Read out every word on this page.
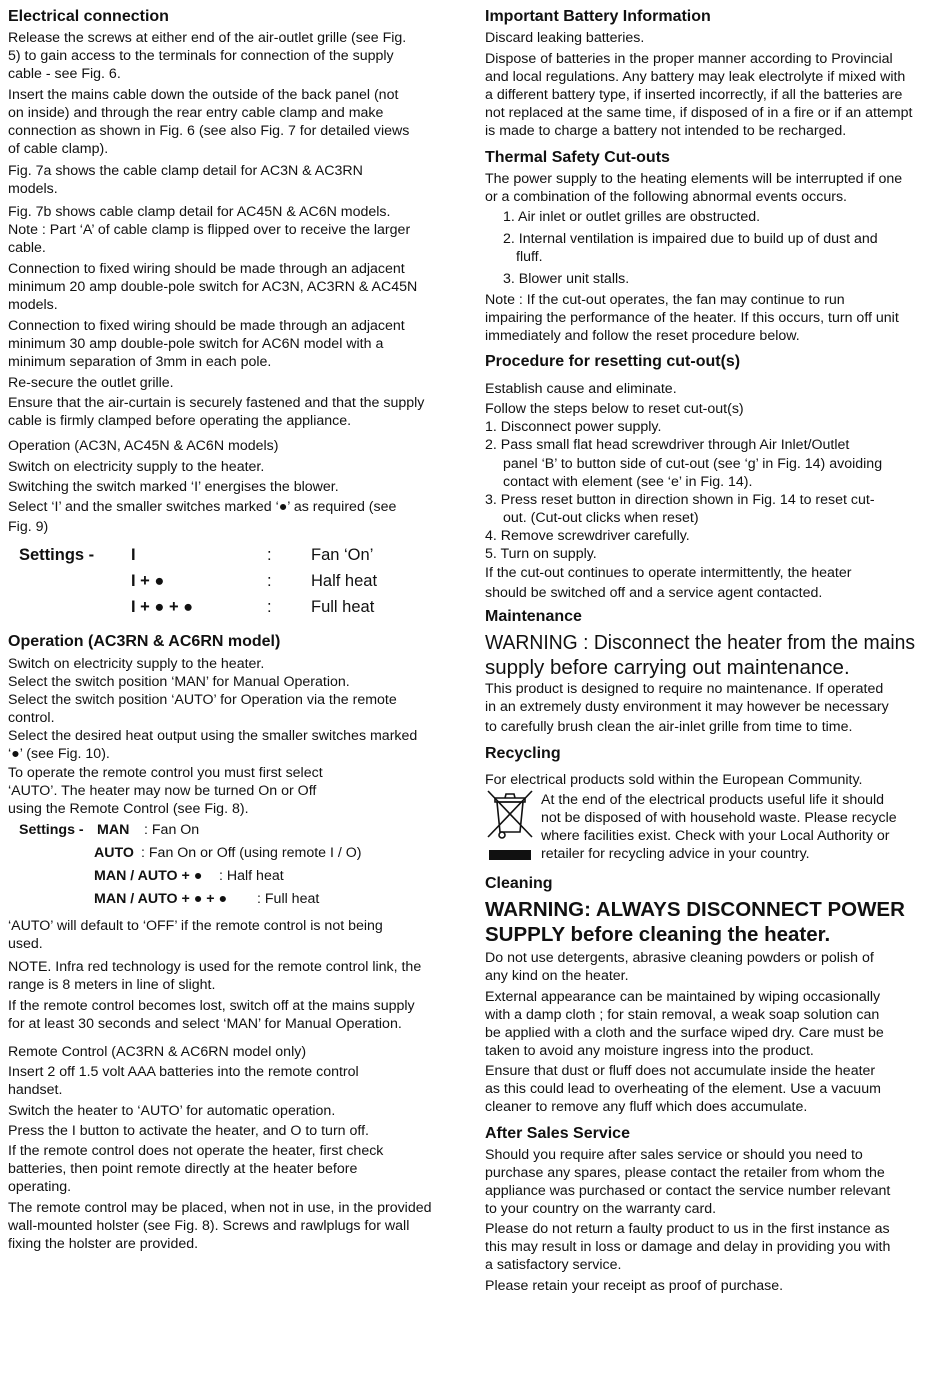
Electrical connection
Release the screws at either end of the air-outlet grille (see Fig.
5) to gain access to the terminals for connection of the supply
cable - see Fig. 6.
Insert the mains cable down the outside of the back panel (not
on inside) and through the rear entry cable clamp and make
connection as shown in Fig. 6 (see also Fig. 7 for detailed views
of cable clamp).
Fig. 7a shows the cable clamp detail for AC3N & AC3RN
models.
Fig. 7b shows cable clamp detail for AC45N & AC6N models.
Note : Part ‘A’ of cable clamp is flipped over to receive the larger
cable.
Connection to fixed wiring should be made through an adjacent
minimum 20 amp double-pole switch for AC3N, AC3RN & AC45N
models.
Connection to fixed wiring should be made through an adjacent
minimum 30 amp double-pole switch for AC6N model with a
minimum separation of 3mm in each pole.
Re-secure the outlet grille.
Ensure that the air-curtain is securely fastened and that the supply
cable is firmly clamped before operating the appliance.
Operation (AC3N, AC45N & AC6N models)
Switch on electricity supply to the heater.
Switching the switch marked ‘I’ energises the blower.
Select ‘I’ and the smaller switches marked ‘●’ as required (see
Fig. 9)
Operation (AC3RN & AC6RN model)
Switch on electricity supply to the heater.
Select the switch position ‘MAN’ for Manual Operation.
Select the switch position ‘AUTO’ for Operation via the remote
control.
Select the desired heat output using the smaller switches marked
‘●’ (see Fig. 10).
To operate the remote control you must first select
‘AUTO’. The heater may now be turned On or Off
using the Remote Control (see Fig. 8).
‘AUTO’ will default to ‘OFF’ if the remote control is not being
used.
NOTE. Infra red technology is used for the remote control link, the
range is 8 meters in line of slight.
If the remote control becomes lost, switch off at the mains supply
for at least 30 seconds and select ‘MAN’ for Manual Operation.
Remote Control (AC3RN & AC6RN model only)
Insert 2 off 1.5 volt AAA batteries into the remote control
handset.
Switch the heater to ‘AUTO’ for automatic operation.
Press the I button to activate the heater, and O to turn off.
If the remote control does not operate the heater, first check
batteries, then point remote directly at the heater before
operating.
The remote control may be placed, when not in use, in the provided
wall-mounted holster (see Fig. 8). Screws and rawlplugs for wall
fixing the holster are provided.
Important Battery Information
Discard leaking batteries.
Dispose of batteries in the proper manner according to Provincial
and local regulations. Any battery may leak electrolyte if mixed with
a different battery type, if inserted incorrectly, if all the batteries are
not replaced at the same time, if disposed of in a fire or if an attempt
is made to charge a battery not intended to be recharged.
Thermal Safety Cut-outs
The power supply to the heating elements will be interrupted if one
or a combination of the following abnormal events occurs.
1. Air inlet or outlet grilles are obstructed.
2. Internal ventilation is impaired due to build up of dust and
fluff.
3. Blower unit stalls.
Note : If the cut-out operates, the fan may continue to run
impairing the performance of the heater. If this occurs, turn off unit
immediately and follow the reset procedure below.
Procedure for resetting cut-out(s)
Establish cause and eliminate.
Follow the steps below to reset cut-out(s)
1. Disconnect power supply.
2. Pass small flat head screwdriver through Air Inlet/Outlet
panel ‘B’ to button side of cut-out (see ‘g’ in Fig. 14) avoiding
contact with element (see ‘e’ in Fig. 14).
3. Press reset button in direction shown in Fig. 14 to reset cut-
out. (Cut-out clicks when reset)
4. Remove screwdriver carefully.
5. Turn on supply.
If the cut-out continues to operate intermittently, the heater
should be switched off and a service agent contacted.
Maintenance
WARNING : Disconnect the heater from the mains
supply before carrying out maintenance.
This product is designed to require no maintenance. If operated
in an extremely dusty environment it may however be necessary
to carefully brush clean the air-inlet grille from time to time.
Recycling
For electrical products sold within the European Community.
Cleaning
WARNING: ALWAYS DISCONNECT POWER
SUPPLY before cleaning the heater.
Do not use detergents, abrasive cleaning powders or polish of
any kind on the heater.
External appearance can be maintained by wiping occasionally
with a damp cloth ; for stain removal, a weak soap solution can
be applied with a cloth and the surface wiped dry. Care must be
taken to avoid any moisture ingress into the product.
Ensure that dust or fluff does not accumulate inside the heater
as this could lead to overheating of the element. Use a vacuum
cleaner to remove any fluff which does accumulate.
After Sales Service
Should you require after sales service or should you need to
purchase any spares, please contact the retailer from whom the
appliance was purchased or contact the service number relevant
to your country on the warranty card.
Please do not return a faulty product to us in the first instance as
this may result in loss or damage and delay in providing you with
a satisfactory service.
Please retain your receipt as proof of purchase.
Settings - I	: Fan ‘On’
I + ●	: Half heat
I + ● + ●	: Full heat
Settings - MAN : Fan On
AUTO : Fan On or Off (using remote I / O)
MAN / AUTO + ● : Half heat
MAN / AUTO + ● + ● : Full heat
At the end of the electrical products useful life it should
not be disposed of with household waste. Please recycle
where facilities exist. Check with your Local Authority or
retailer for recycling advice in your country.
